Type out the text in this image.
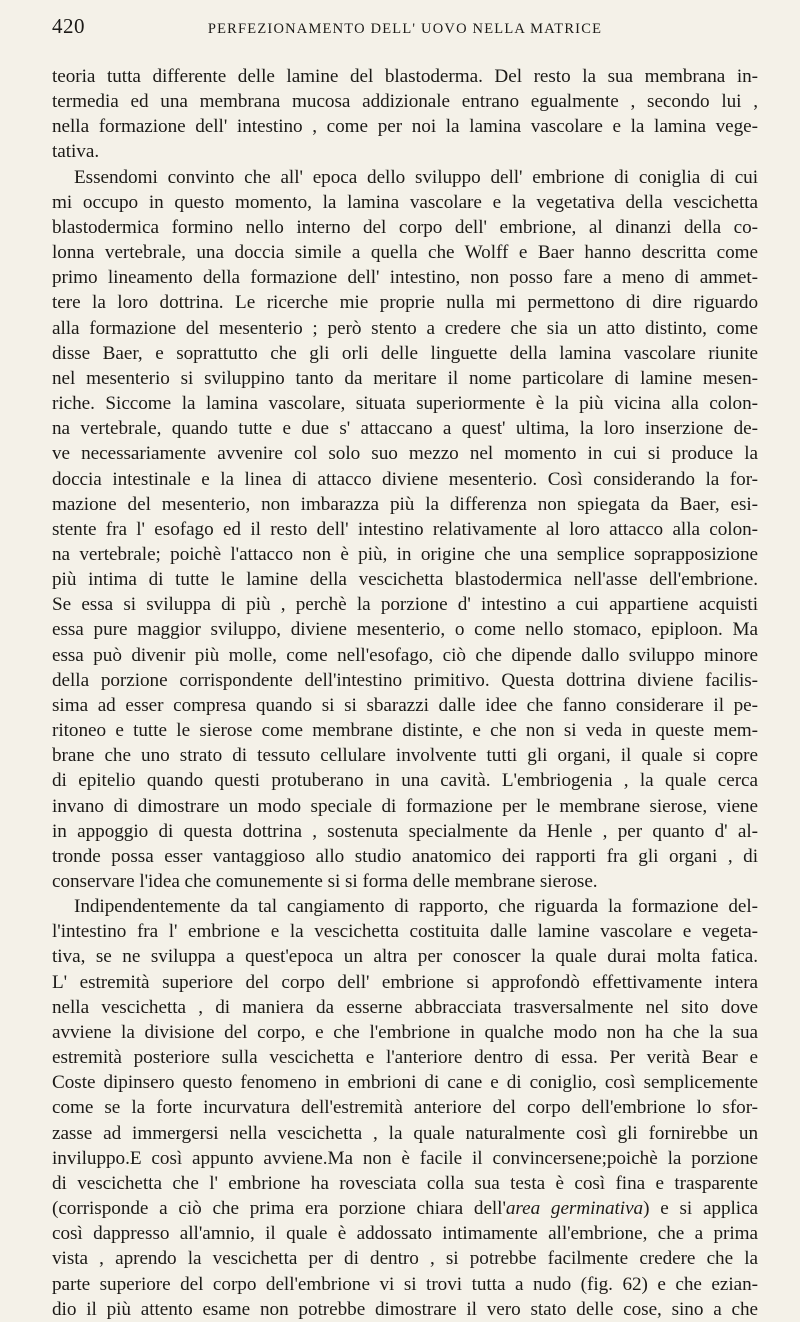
420	PERFEZIONAMENTO DELL' UOVO NELLA MATRICE
teoria tutta differente delle lamine del blastoderma. Del resto la sua membrana in-
termedia ed una membrana mucosa addizionale entrano egualmente , secondo lui ,
nella formazione dell' intestino , come per noi la lamina vascolare e la lamina vege-
tativa.
Essendomi convinto che all' epoca dello sviluppo dell' embrione di coniglia di cui
mi occupo in questo momento, la lamina vascolare e la vegetativa della vescichetta
blastodermica formino nello interno del corpo dell' embrione, al dinanzi della co-
lonna vertebrale, una doccia simile a quella che Wolff e Baer hanno descritta come
primo lineamento della formazione dell' intestino, non posso fare a meno di ammet-
tere la loro dottrina. Le ricerche mie proprie nulla mi permettono di dire riguardo
alla formazione del mesenterio ; però stento a credere che sia un atto distinto, come
disse Baer, e soprattutto che gli orli delle linguette della lamina vascolare riunite
nel mesenterio si sviluppino tanto da meritare il nome particolare di lamine mesen-
riche. Siccome la lamina vascolare, situata superiormente è la più vicina alla colon-
na vertebrale, quando tutte e due s' attaccano a quest' ultima, la loro inserzione de-
ve necessariamente avvenire col solo suo mezzo nel momento in cui si produce la
doccia intestinale e la linea di attacco diviene mesenterio. Così considerando la for-
mazione del mesenterio, non imbarazza più la differenza non spiegata da Baer, esi-
stente fra l' esofago ed il resto dell' intestino relativamente al loro attacco alla colon-
na vertebrale; poichè l'attacco non è più, in origine che una semplice soprapposizione
più intima di tutte le lamine della vescichetta blastodermica nell'asse dell'embrione.
Se essa si sviluppa di più , perchè la porzione d' intestino a cui appartiene acquisti
essa pure maggior sviluppo, diviene mesenterio, o come nello stomaco, epiploon. Ma
essa può divenir più molle, come nell'esofago, ciò che dipende dallo sviluppo minore
della porzione corrispondente dell'intestino primitivo. Questa dottrina diviene facilis-
sima ad esser compresa quando si si sbarazzi dalle idee che fanno considerare il pe-
ritoneo e tutte le sierose come membrane distinte, e che non si veda in queste mem-
brane che uno strato di tessuto cellulare involvente tutti gli organi, il quale si copre
di epitelio quando questi protuberano in una cavità. L'embriogenia , la quale cerca
invano di dimostrare un modo speciale di formazione per le membrane sierose, viene
in appoggio di questa dottrina , sostenuta specialmente da Henle , per quanto d' al-
tronde possa esser vantaggioso allo studio anatomico dei rapporti fra gli organi , di
conservare l'idea che comunemente si si forma delle membrane sierose.
Indipendentemente da tal cangiamento di rapporto, che riguarda la formazione del-
l'intestino fra l' embrione e la vescichetta costituita dalle lamine vascolare e vegeta-
tiva, se ne sviluppa a quest'epoca un altra per conoscer la quale durai molta fatica.
L' estremità superiore del corpo dell' embrione si approfondò effettivamente intera
nella vescichetta , di maniera da esserne abbracciata trasversalmente nel sito dove
avviene la divisione del corpo, e che l'embrione in qualche modo non ha che la sua
estremità posteriore sulla vescichetta e l'anteriore dentro di essa. Per verità Bear e
Coste dipinsero questo fenomeno in embrioni di cane e di coniglio, così semplicemente
come se la forte incurvatura dell'estremità anteriore del corpo dell'embrione lo sfor-
zasse ad immergersi nella vescichetta , la quale naturalmente così gli fornirebbe un
inviluppo.E così appunto avviene.Ma non è facile il convincersene;poichè la porzione
di vescichetta che l' embrione ha rovesciata colla sua testa è così fina e trasparente
(corrisponde a ciò che prima era porzione chiara dell'area germinativa) e si applica
così dappresso all'amnio, il quale è addossato intimamente all'embrione, che a prima
vista , aprendo la vescichetta per di dentro , si potrebbe facilmente credere che la
parte superiore del corpo dell'embrione vi si trovi tutta a nudo (fig. 62) e che ezian-
dio il più attento esame non potrebbe dimostrare il vero stato delle cose, sino a che
